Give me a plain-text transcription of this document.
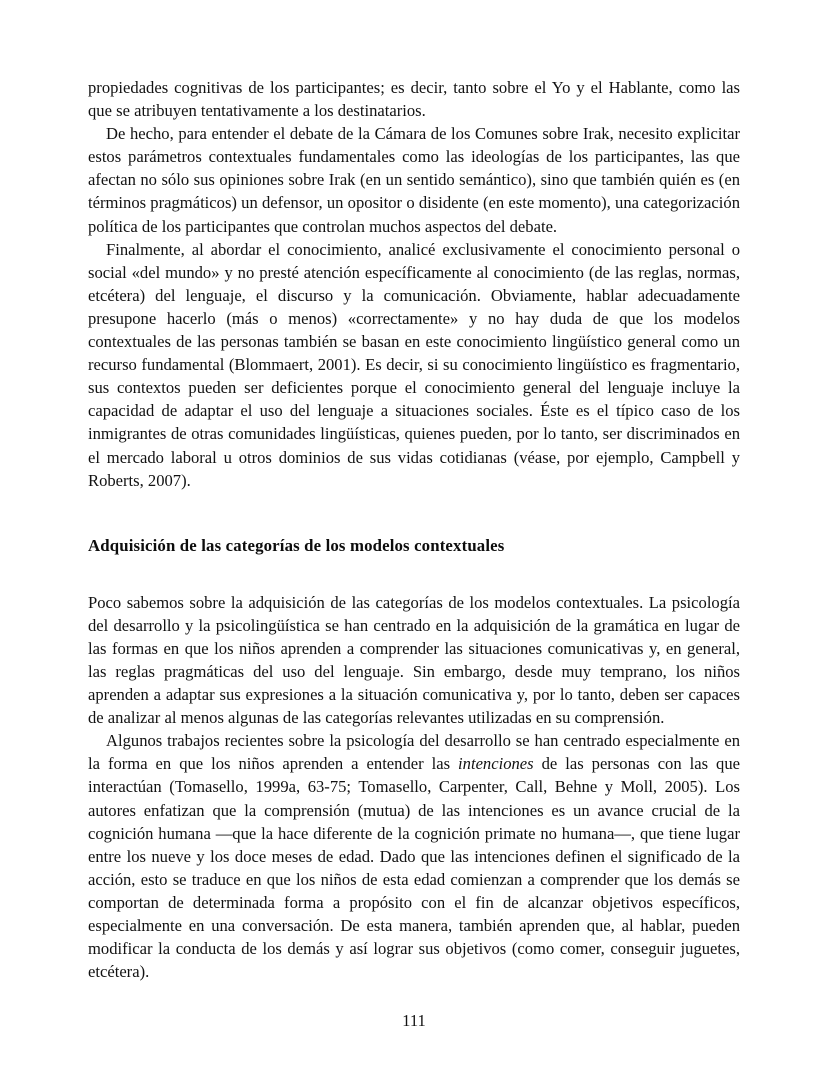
propiedades cognitivas de los participantes; es decir, tanto sobre el Yo y el Hablante, como las que se atribuyen tentativamente a los destinatarios.

De hecho, para entender el debate de la Cámara de los Comunes sobre Irak, necesito explicitar estos parámetros contextuales fundamentales como las ideologías de los participantes, las que afectan no sólo sus opiniones sobre Irak (en un sentido semántico), sino que también quién es (en términos pragmáticos) un defensor, un opositor o disidente (en este momento), una categorización política de los participantes que controlan muchos aspectos del debate.

Finalmente, al abordar el conocimiento, analicé exclusivamente el conocimiento personal o social «del mundo» y no presté atención específicamente al conocimiento (de las reglas, normas, etcétera) del lenguaje, el discurso y la comunicación. Obviamente, hablar adecuadamente presupone hacerlo (más o menos) «correctamente» y no hay duda de que los modelos contextuales de las personas también se basan en este conocimiento lingüístico general como un recurso fundamental (Blommaert, 2001). Es decir, si su conocimiento lingüístico es fragmentario, sus contextos pueden ser deficientes porque el conocimiento general del lenguaje incluye la capacidad de adaptar el uso del lenguaje a situaciones sociales. Éste es el típico caso de los inmigrantes de otras comunidades lingüísticas, quienes pueden, por lo tanto, ser discriminados en el mercado laboral u otros dominios de sus vidas cotidianas (véase, por ejemplo, Campbell y Roberts, 2007).

Adquisición de las categorías de los modelos contextuales

Poco sabemos sobre la adquisición de las categorías de los modelos contextuales. La psicología del desarrollo y la psicolingüística se han centrado en la adquisición de la gramática en lugar de las formas en que los niños aprenden a comprender las situaciones comunicativas y, en general, las reglas pragmáticas del uso del lenguaje. Sin embargo, desde muy temprano, los niños aprenden a adaptar sus expresiones a la situación comunicativa y, por lo tanto, deben ser capaces de analizar al menos algunas de las categorías relevantes utilizadas en su comprensión.

Algunos trabajos recientes sobre la psicología del desarrollo se han centrado especialmente en la forma en que los niños aprenden a entender las intenciones de las personas con las que interactúan (Tomasello, 1999a, 63-75; Tomasello, Carpenter, Call, Behne y Moll, 2005). Los autores enfatizan que la comprensión (mutua) de las intenciones es un avance crucial de la cognición humana —que la hace diferente de la cognición primate no humana—, que tiene lugar entre los nueve y los doce meses de edad. Dado que las intenciones definen el significado de la acción, esto se traduce en que los niños de esta edad comienzan a comprender que los demás se comportan de determinada forma a propósito con el fin de alcanzar objetivos específicos, especialmente en una conversación. De esta manera, también aprenden que, al hablar, pueden modificar la conducta de los demás y así lograr sus objetivos (como comer, conseguir juguetes, etcétera).

111
